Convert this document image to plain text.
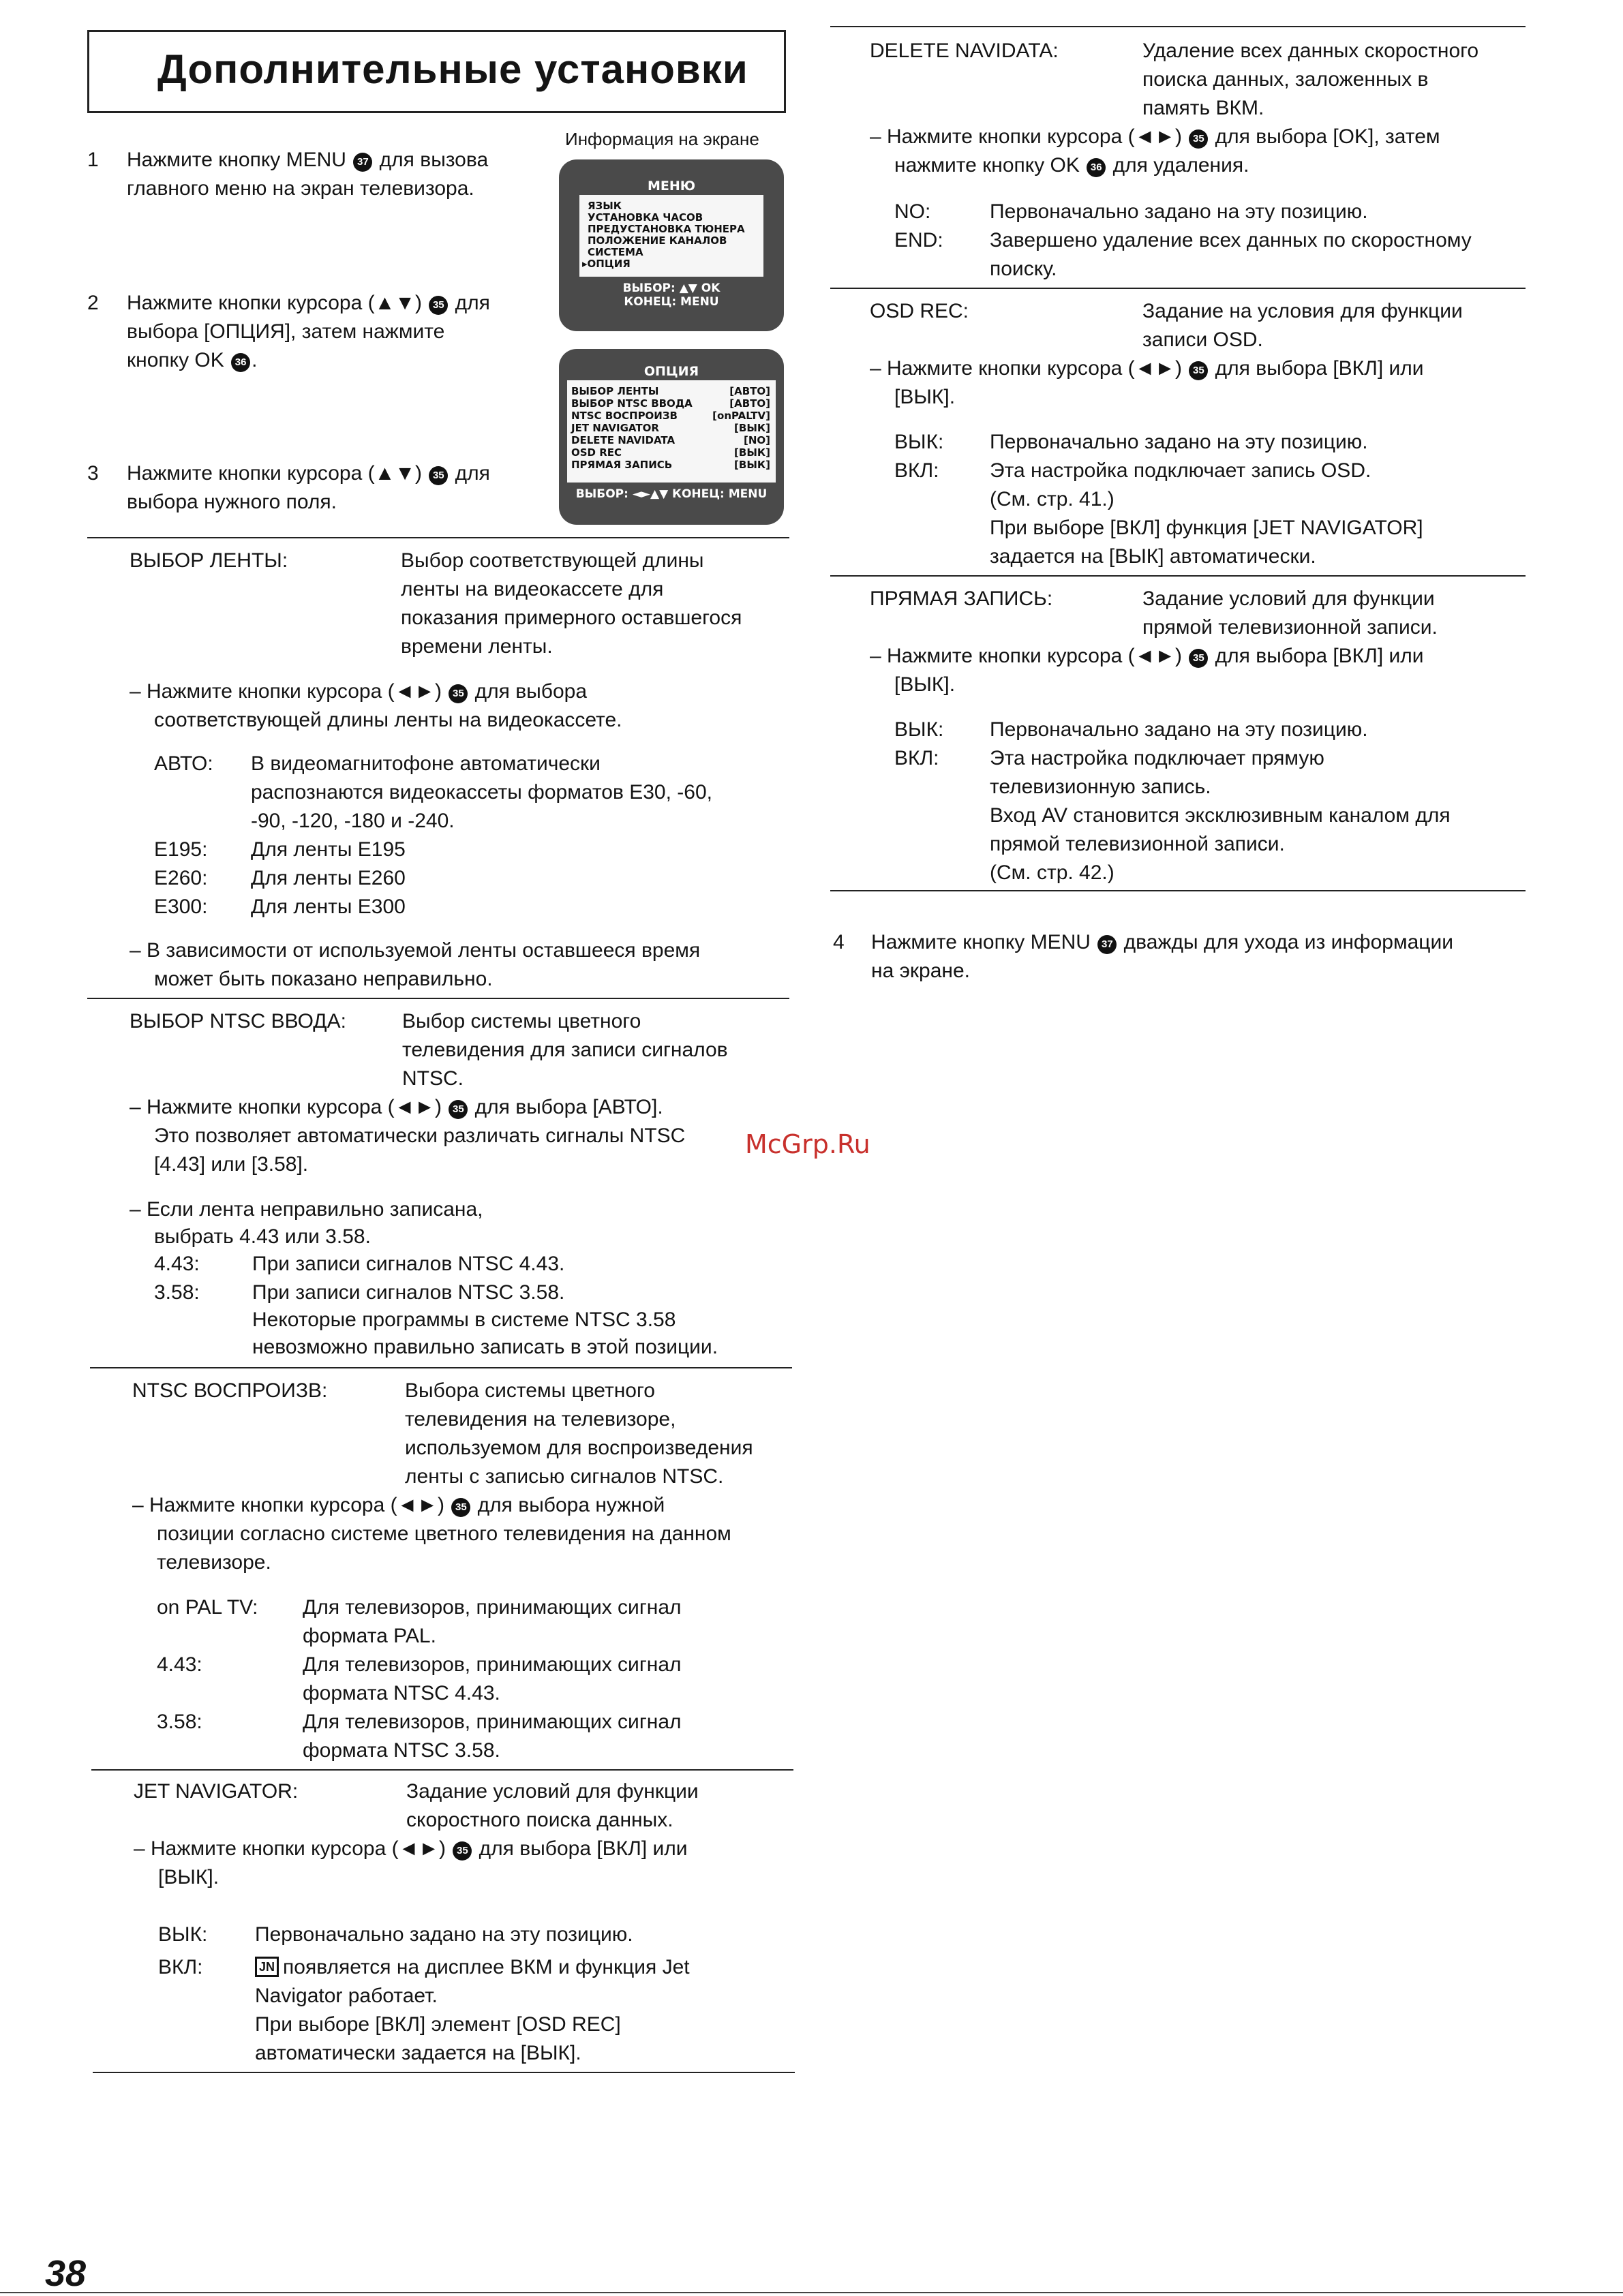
Дополнительные установки
1 Нажмите кнопку MENU 37 для вызова
главного меню на экран телевизора.
2 Нажмите кнопки курсора (▲▼) 35 для
выбора [ОПЦИЯ], затем нажмите
кнопку OK 36 .
3 Нажмите кнопки курсора (▲▼) 35 для
выбора нужного поля.
Информация на экране
МЕНЮ
ЯЗЫК
УСТАНОВКА ЧАСОВ
ПРЕДУСТАНОВКА ТЮНЕРА
ПОЛОЖЕНИЕ КАНАЛОВ
СИСТЕМА
▸ОПЦИЯ
ВЫБОР: ▲▼ OK
КОНЕЦ: MENU
ОПЦИЯ
ВЫБОР ЛЕНТЫ	[АВТО]
ВЫБОР NTSC ВВОДА	[АВТО]
NTSC ВОСПРОИЗВ	[onPALTV]
JET NAVIGATOR	[ВЫК]
DELETE NAVIDATA	[NO]
OSD REC	[ВЫК]
ПРЯМАЯ ЗАПИСЬ	[ВЫК]
ВЫБОР: ◄►▲▼ КОНЕЦ: MENU
ВЫБОР ЛЕНТЫ:	Выбор соответствующей длины
ленты на видеокассете для
показания примерного оставшегося
времени ленты.
– Нажмите кнопки курсора (◄►) 35 для выбора
соответствующей длины ленты на видеокассете.
АВТО: В видеомагнитофоне автоматически
распознаются видеокассеты форматов E30, -60,
-90, -120, -180 и -240.
E195: Для ленты E195
E260: Для ленты E260
E300: Для ленты E300
– В зависимости от используемой ленты оставшееся время
может быть показано неправильно.
ВЫБОР NTSC ВВОДА:	Выбор системы цветного
телевидения для записи сигналов
NTSC.
– Нажмите кнопки курсора (◄►) 35 для выбора [АВТО].
Это позволяет автоматически различать сигналы NTSC
[4.43] или [3.58].
– Если лента неправильно записана,
выбрать 4.43 или 3.58.
4.43:	При записи сигналов NTSC 4.43.
3.58:	При записи сигналов NTSC 3.58.
Некоторые программы в системе NTSC 3.58
невозможно правильно записать в этой позиции.
NTSC ВОСПРОИЗВ:	Выбора системы цветного
телевидения на телевизоре,
используемом для воспроизведения
ленты с записью сигналов NTSC.
– Нажмите кнопки курсора (◄►) 35 для выбора нужной
позиции согласно системе цветного телевидения на данном
телевизоре.
on PAL TV: Для телевизоров, принимающих сигнал
формата PAL.
4.43:	Для телевизоров, принимающих сигнал
формата NTSC 4.43.
3.58:	Для телевизоров, принимающих сигнал
формата NTSC 3.58.
JET NAVIGATOR:	Задание условий для функции
скоростного поиска данных.
– Нажмите кнопки курсора (◄►) 35 для выбора [ВКЛ] или
[ВЫК].
ВЫК: Первоначально задано на эту позицию.
ВКЛ:	JN появляется на дисплее ВКМ и функция Jet
Navigator работает.
При выборе [ВКЛ] элемент [OSD REC]
автоматически задается на [ВЫК].
DELETE NAVIDATA:	Удаление всех данных скоростного
поиска данных, заложенных в
память ВКМ.
– Нажмите кнопки курсора (◄►) 35 для выбора [OK], затем
нажмите кнопку OK 36 для удаления.
NO:	Первоначально задано на эту позицию.
END: Завершено удаление всех данных по скоростному
поиску.
OSD REC:	Задание на условия для функции
записи OSD.
– Нажмите кнопки курсора (◄►) 35 для выбора [ВКЛ] или
[ВЫК].
ВЫК: Первоначально задано на эту позицию.
ВКЛ: Эта настройка подключает запись OSD.
(См. стр. 41.)
При выборе [ВКЛ] функция [JET NAVIGATOR]
задается на [ВЫК] автоматически.
ПРЯМАЯ ЗАПИСЬ:	Задание условий для функции
прямой телевизионной записи.
– Нажмите кнопки курсора (◄►) 35 для выбора [ВКЛ] или
[ВЫК].
ВЫК: Первоначально задано на эту позицию.
ВКЛ: Эта настройка подключает прямую
телевизионную запись.
Вход AV становится эксклюзивным каналом для
прямой телевизионной записи.
(См. стр. 42.)
4 Нажмите кнопку MENU 37 дважды для ухода из информации
на экране.
McGrp.Ru
38
